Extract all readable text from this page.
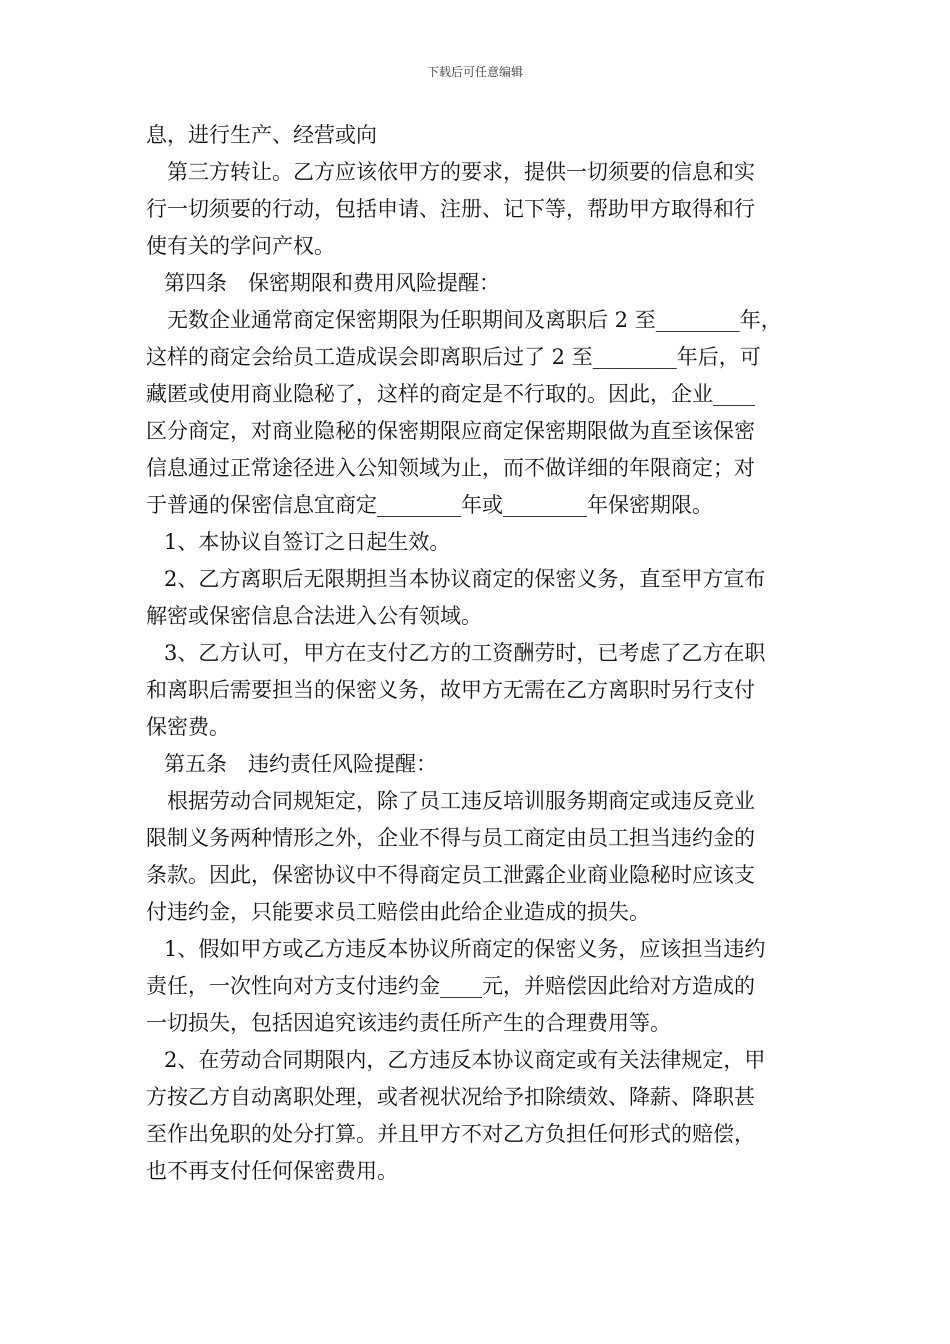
下载后可任意编辑
息，进行生产、经营或向
第三方转让。乙方应该依甲方的要求，提供一切须要的信息和实
行一切须要的行动，包括申请、注册、记下等，帮助甲方取得和行
使有关的学问产权。
第四条　保密期限和费用风险提醒：
无数企业通常商定保密期限为任职期间及离职后 2 至________年，
这样的商定会给员工造成误会即离职后过了 2 至________年后，可
藏匿或使用商业隐秘了，这样的商定是不行取的。因此，企业____
区分商定，对商业隐秘的保密期限应商定保密期限做为直至该保密
信息通过正常途径进入公知领域为止，而不做详细的年限商定；对
于普通的保密信息宜商定________年或________年保密期限。
1、本协议自签订之日起生效。
2、乙方离职后无限期担当本协议商定的保密义务，直至甲方宣布
解密或保密信息合法进入公有领域。
3、乙方认可，甲方在支付乙方的工资酬劳时，已考虑了乙方在职
和离职后需要担当的保密义务，故甲方无需在乙方离职时另行支付
保密费。
第五条　违约责任风险提醒：
根据劳动合同规矩定，除了员工违反培训服务期商定或违反竞业
限制义务两种情形之外，企业不得与员工商定由员工担当违约金的
条款。因此，保密协议中不得商定员工泄露企业商业隐秘时应该支
付违约金，只能要求员工赔偿由此给企业造成的损失。
1、假如甲方或乙方违反本协议所商定的保密义务，应该担当违约
责任，一次性向对方支付违约金____元，并赔偿因此给对方造成的
一切损失，包括因追究该违约责任所产生的合理费用等。
2、在劳动合同期限内，乙方违反本协议商定或有关法律规定，甲
方按乙方自动离职处理，或者视状况给予扣除绩效、降薪、降职甚
至作出免职的处分打算。并且甲方不对乙方负担任何形式的赔偿，
也不再支付任何保密费用。
